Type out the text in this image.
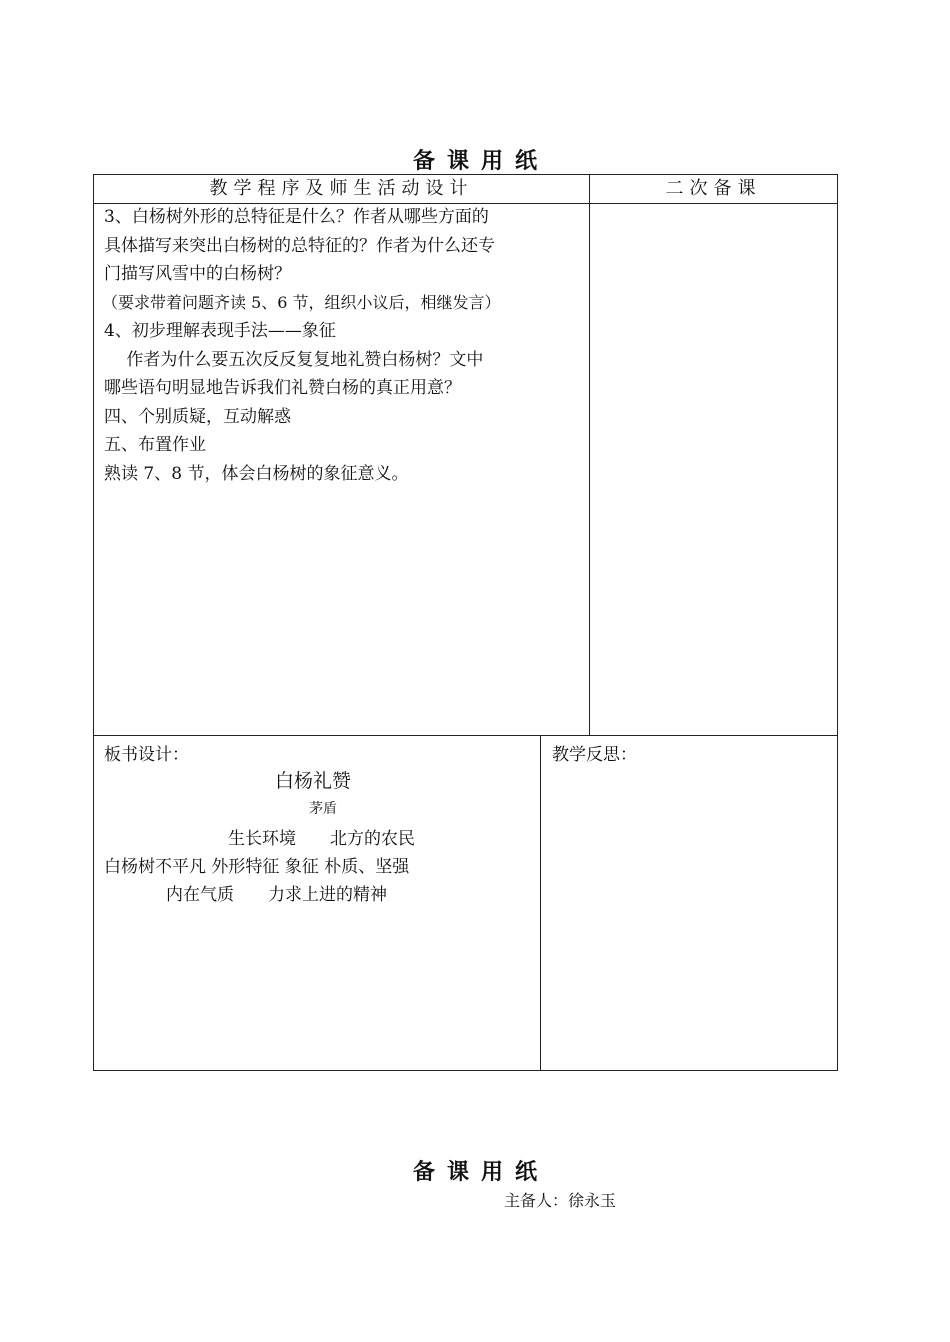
备课用纸
教学程序及师生活动设计	二次备课
3、白杨树外形的总特征是什么？作者从哪些方面的
具体描写来突出白杨树的总特征的？作者为什么还专
门描写风雪中的白杨树？
（要求带着问题齐读 5、6 节，组织小议后，相继发言）
4、初步理解表现手法——象征
　 作者为什么要五次反反复复地礼赞白杨树？文中
哪些语句明显地告诉我们礼赞白杨的真正用意？
四、个别质疑，互动解惑
五、布置作业
熟读 7、8 节，体会白杨树的象征意义。
板书设计：
白杨礼赞
茅盾
生长环境　　北方的农民
白杨树不平凡 外形特征 象征 朴质、坚强
内在气质　　力求上进的精神
教学反思：
备课用纸
主备人：徐永玉
